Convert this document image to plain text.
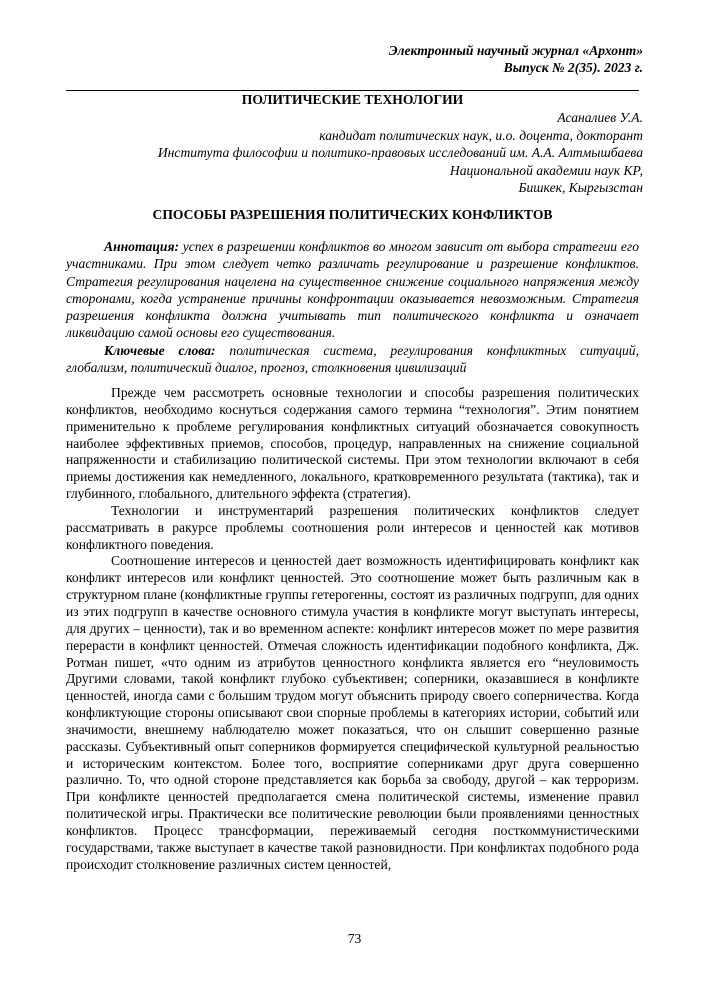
Электронный научный журнал «Архонт»
Выпуск № 2(35). 2023 г.
ПОЛИТИЧЕСКИЕ ТЕХНОЛОГИИ
Асаналиев У.А.
кандидат политических наук, и.о. доцента, докторант
Института философии и политико-правовых исследований им. А.А. Алтмышбаева
Национальной академии наук КР,
Бишкек, Кыргызстан
СПОСОБЫ РАЗРЕШЕНИЯ ПОЛИТИЧЕСКИХ КОНФЛИКТОВ

Аннотация: успех в разрешении конфликтов во многом зависит от выбора стратегии его участниками. При этом следует четко различать регулирование и разрешение конфликтов. Стратегия регулирования нацелена на существенное снижение социального напряжения между сторонами, когда устранение причины конфронтации оказывается невозможным. Стратегия разрешения конфликта должна учитывать тип политического конфликта и означает ликвидацию самой основы его существования.

Ключевые слова: политическая система, регулирования конфликтных ситуаций, глобализм, политический диалог, прогноз, столкновения цивилизаций

Прежде чем рассмотреть основные технологии и способы разрешения политических конфликтов, необходимо коснуться содержания самого термина “технология”. Этим понятием применительно к проблеме регулирования конфликтных ситуаций обозначается совокупность наиболее эффективных приемов, способов, процедур, направленных на снижение социальной напряженности и стабилизацию политической системы. При этом технологии включают в себя приемы достижения как немедленного, локального, кратковременного результата (тактика), так и глубинного, глобального, длительного эффекта (стратегия).

Технологии и инструментарий разрешения политических конфликтов следует рассматривать в ракурсе проблемы соотношения роли интересов и ценностей как мотивов конфликтного поведения.

Соотношение интересов и ценностей дает возможность идентифицировать конфликт как конфликт интересов или конфликт ценностей. Это соотношение может быть различным как в структурном плане (конфликтные группы гетерогенны, состоят из различных подгрупп, для одних из этих подгрупп в качестве основного стимула участия в конфликте могут выступать интересы, для других – ценности), так и во временном аспекте: конфликт интересов может по мере развития перерасти в конфликт ценностей. Отмечая сложность идентификации подобного конфликта, Дж. Ротман пишет, «что одним из атрибутов ценностного конфликта является его “неуловимость Другими словами, такой конфликт глубоко субъективен; соперники, оказавшиеся в конфликте ценностей, иногда сами с большим трудом могут объяснить природу своего соперничества. Когда конфликтующие стороны описывают свои спорные проблемы в категориях истории, событий или значимости, внешнему наблюдателю может показаться, что он слышит совершенно разные рассказы. Субъективный опыт соперников формируется специфической культурной реальностью и историческим контекстом. Более того, восприятие соперниками друг друга совершенно различно. То, что одной стороне представляется как борьба за свободу, другой – как терроризм. При конфликте ценностей предполагается смена политической системы, изменение правил политической игры. Практически все политические революции были проявлениями ценностных конфликтов. Процесс трансформации, переживаемый сегодня посткоммунистическими государствами, также выступает в качестве такой разновидности. При конфликтах подобного рода происходит столкновение различных систем ценностей,

73
